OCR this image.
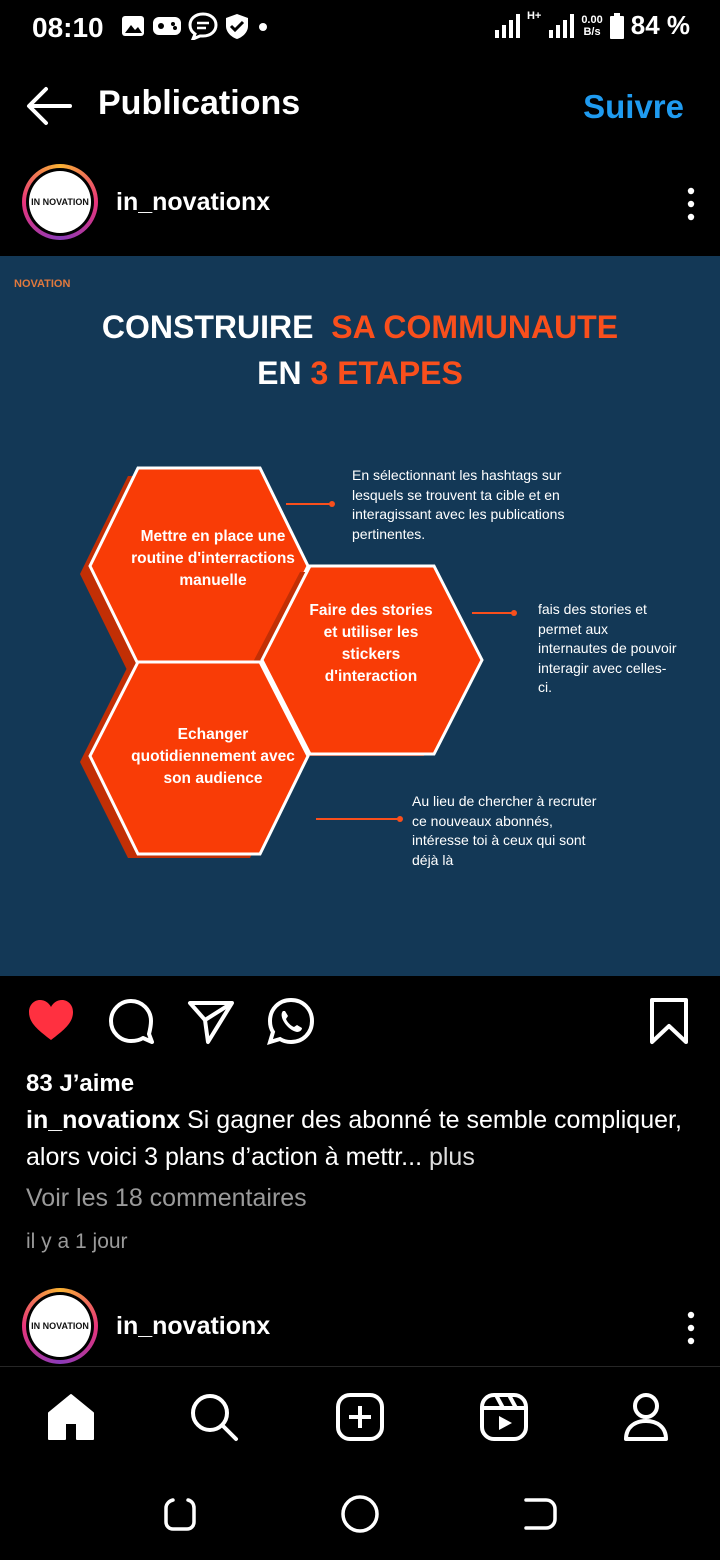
08:10	H+	0.00
B/s 84 %
Publications	Suivre
IN NOVATION in_novationx
NOVATION
CONSTRUIRE SA COMMUNAUTE
EN 3 ETAPES
Mettre en place une routine d'interractions manuelle
Faire des stories et utiliser les stickers d'interaction
Echanger quotidiennement avec son audience
En sélectionnant les hashtags sur lesquels se trouvent ta cible et en interagissant avec les publications pertinentes.
fais des stories et permet aux internautes de pouvoir interagir avec celles-ci.
Au lieu de chercher à recruter ce nouveaux abonnés, intéresse toi à ceux qui sont déjà là
83 J’aime
in_novationx Si gagner des abonné te semble compliquer, alors voici 3 plans d’action à mettr... plus
Voir les 18 commentaires
il y a 1 jour
IN NOVATION in_novationx
